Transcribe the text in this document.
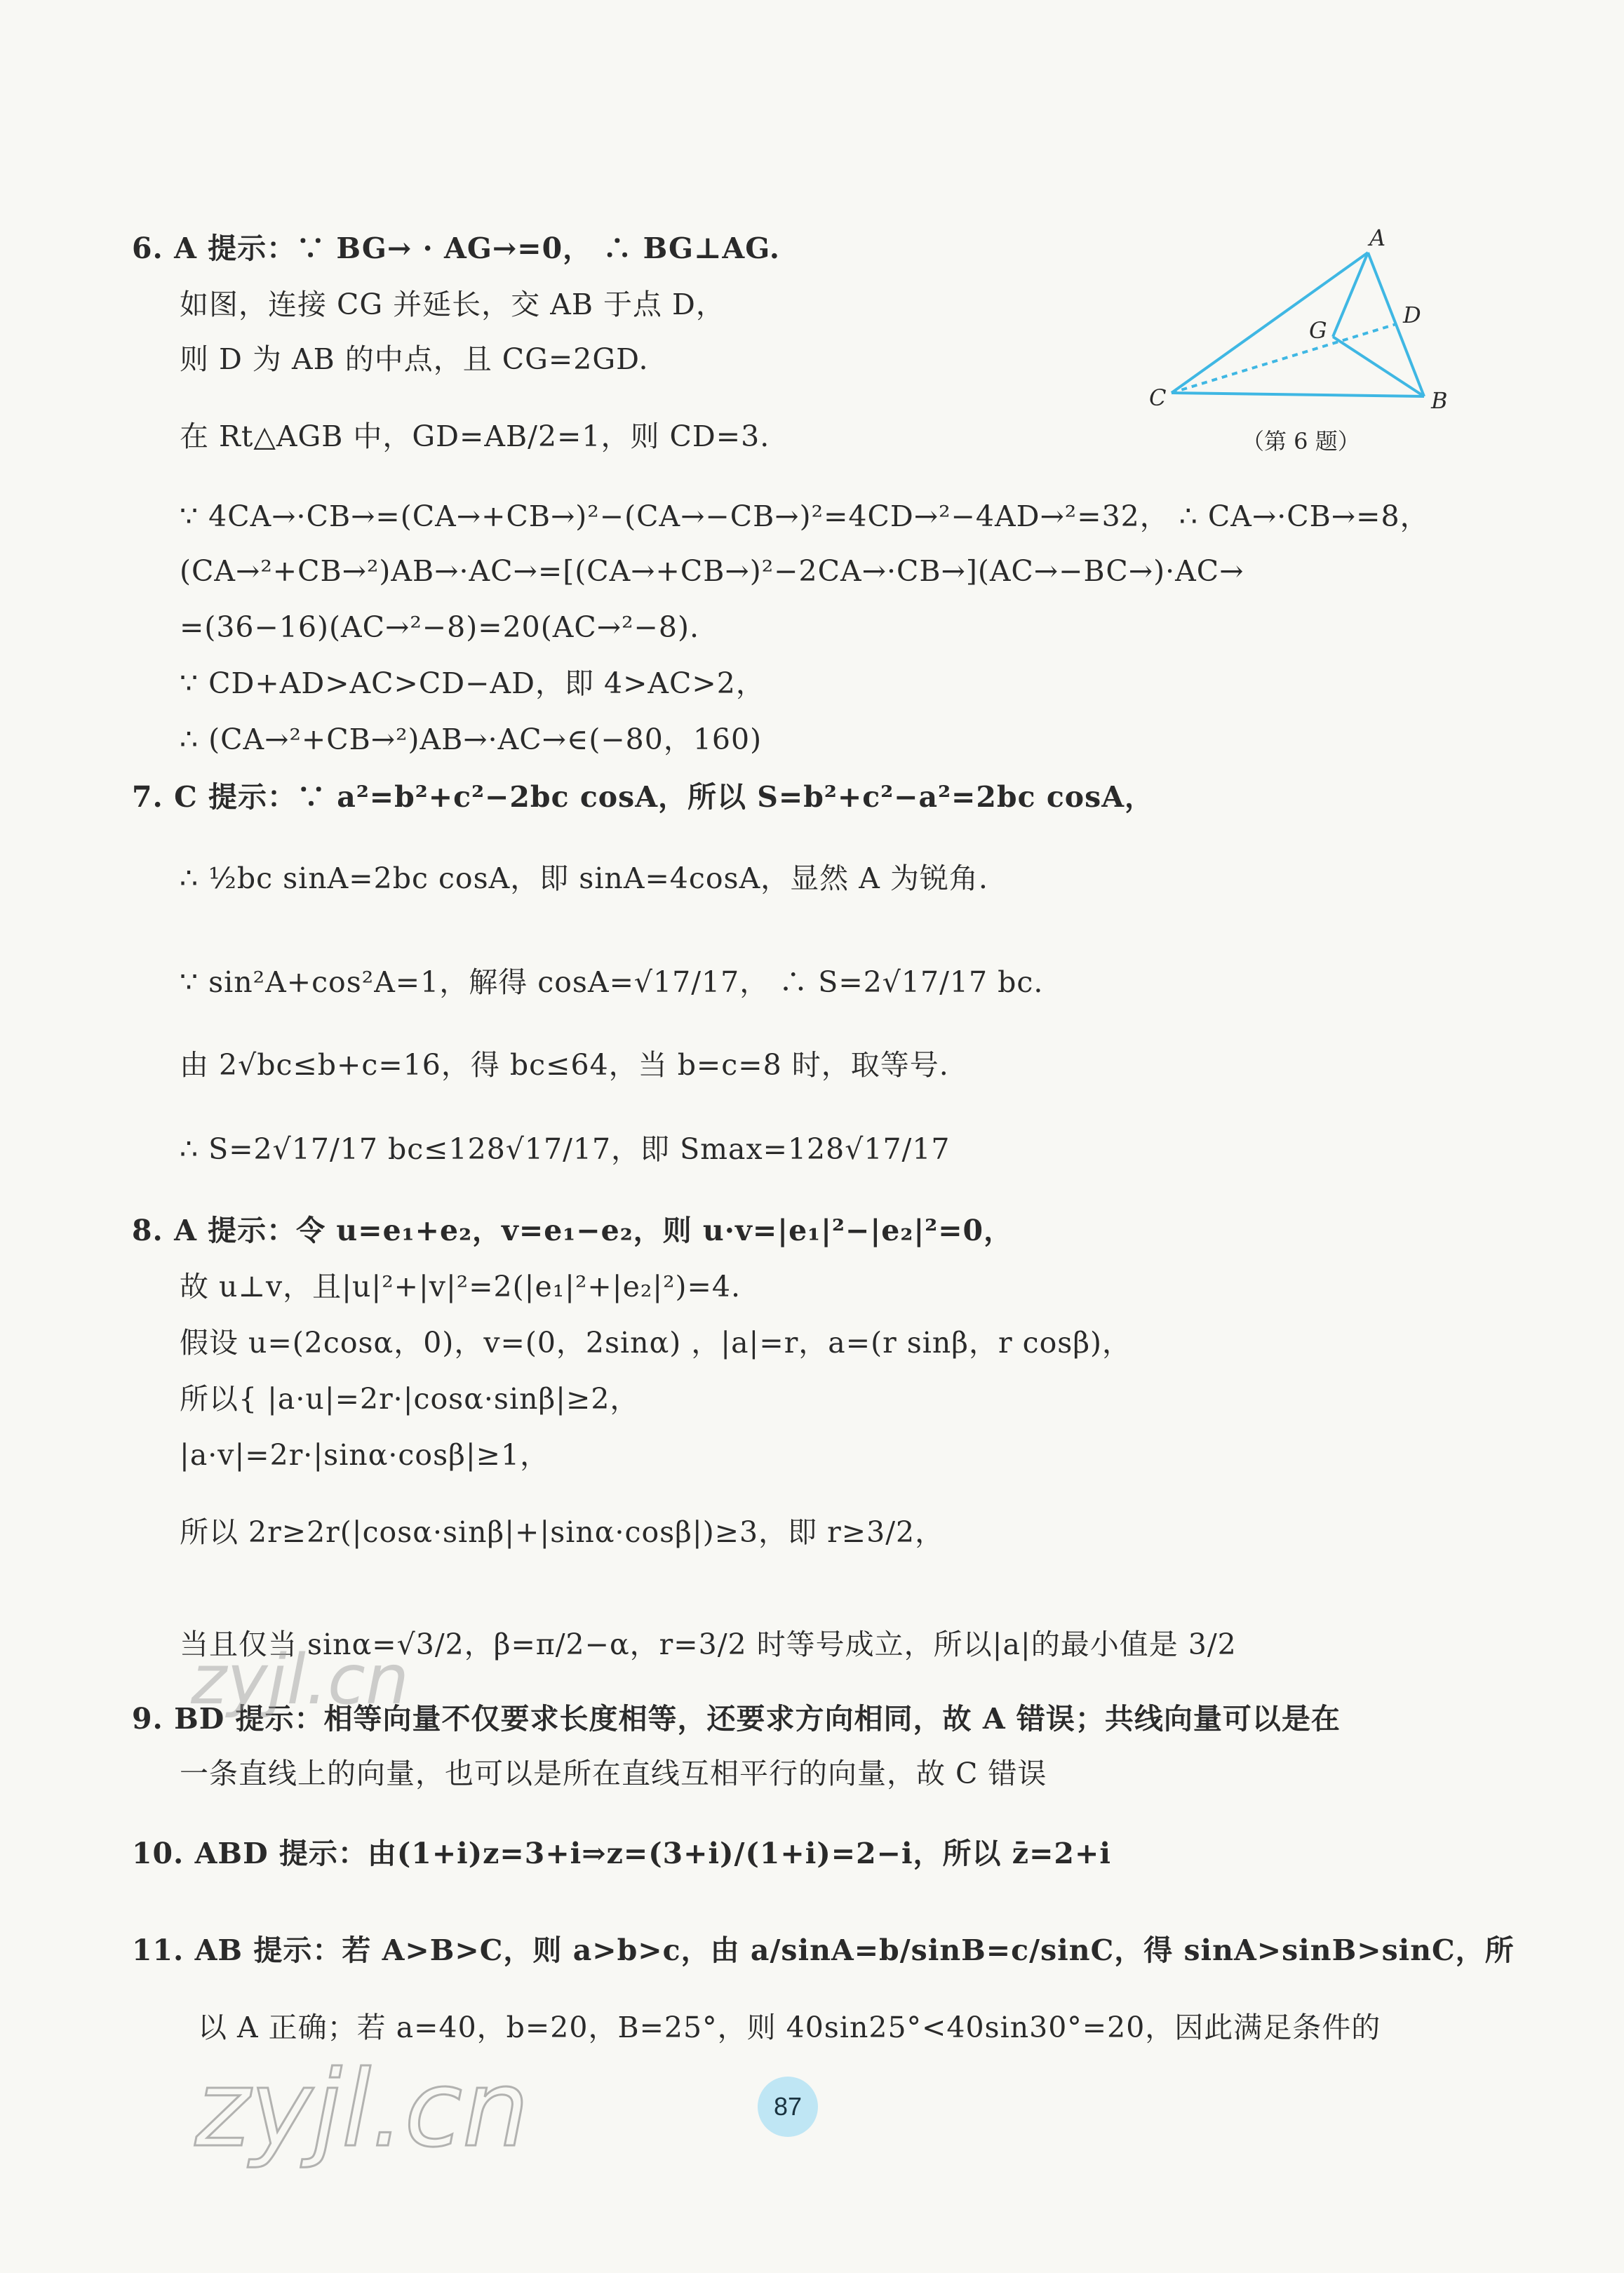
A
B
C
D
G
（第 6 题）
6. A 提示：∵ BG→ · AG→=0， ∴ BG⊥AG.
如图，连接 CG 并延长，交 AB 于点 D，
则 D 为 AB 的中点，且 CG=2GD.
在 Rt△AGB 中，GD=AB/2=1，则 CD=3.
∵ 4CA→·CB→=(CA→+CB→)²−(CA→−CB→)²=4CD→²−4AD→²=32， ∴ CA→·CB→=8，
(CA→²+CB→²)AB→·AC→=[(CA→+CB→)²−2CA→·CB→](AC→−BC→)·AC→
=(36−16)(AC→²−8)=20(AC→²−8).
∵ CD+AD>AC>CD−AD，即 4>AC>2，
∴ (CA→²+CB→²)AB→·AC→∈(−80，160)
7. C 提示：∵ a²=b²+c²−2bc cosA，所以 S=b²+c²−a²=2bc cosA，
∴ ½bc sinA=2bc cosA，即 sinA=4cosA，显然 A 为锐角.
∵ sin²A+cos²A=1，解得 cosA=√17/17， ∴ S=2√17/17 bc.
由 2√bc≤b+c=16，得 bc≤64，当 b=c=8 时，取等号.
∴ S=2√17/17 bc≤128√17/17，即 Smax=128√17/17
8. A 提示：令 u=e₁+e₂，v=e₁−e₂，则 u·v=|e₁|²−|e₂|²=0，
故 u⊥v，且|u|²+|v|²=2(|e₁|²+|e₂|²)=4.
假设 u=(2cosα，0)，v=(0，2sinα) ，|a|=r，a=(r sinβ，r cosβ)，
所以{ |a·u|=2r·|cosα·sinβ|≥2，
|a·v|=2r·|sinα·cosβ|≥1，
所以 2r≥2r(|cosα·sinβ|+|sinα·cosβ|)≥3，即 r≥3/2，
当且仅当 sinα=√3/2，β=π/2−α，r=3/2 时等号成立，所以|a|的最小值是 3/2
9. BD 提示：相等向量不仅要求长度相等，还要求方向相同，故 A 错误；共线向量可以是在
一条直线上的向量，也可以是所在直线互相平行的向量，故 C 错误
10. ABD 提示：由(1+i)z=3+i⇒z=(3+i)/(1+i)=2−i，所以 z̄=2+i
11. AB 提示：若 A>B>C，则 a>b>c，由 a/sinA=b/sinB=c/sinC，得 sinA>sinB>sinC，所
以 A 正确；若 a=40，b=20，B=25°，则 40sin25°<40sin30°=20，因此满足条件的
zyjl.cn
zyjl.cn	87
